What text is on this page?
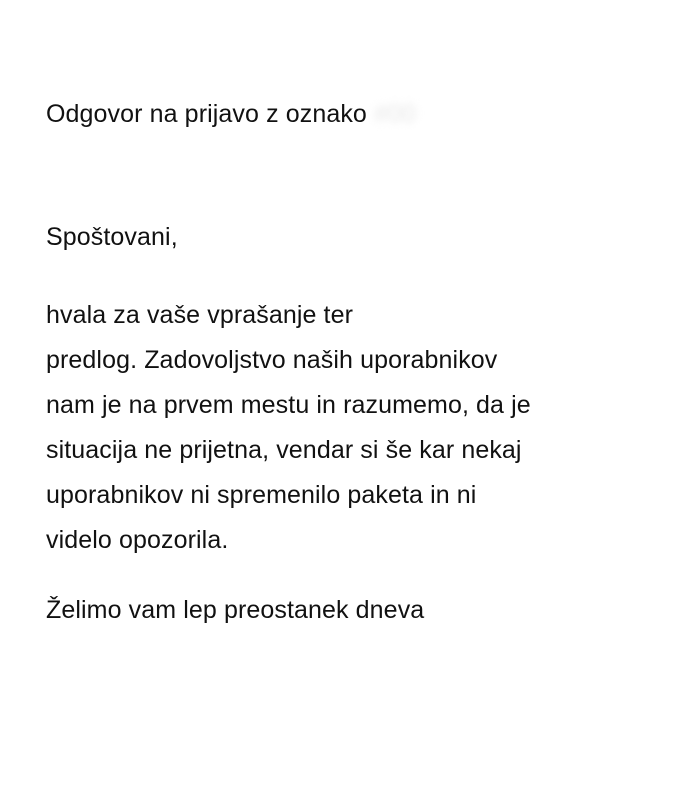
Odgovor na prijavo z oznako #00
Spoštovani,
hvala za vaše vprašanje ter
predlog. Zadovoljstvo naših uporabnikov
nam je na prvem mestu in razumemo, da je
situacija ne prijetna, vendar si še kar nekaj
uporabnikov ni spremenilo paketa in ni
videlo opozorila.
Želimo vam lep preostanek dneva
